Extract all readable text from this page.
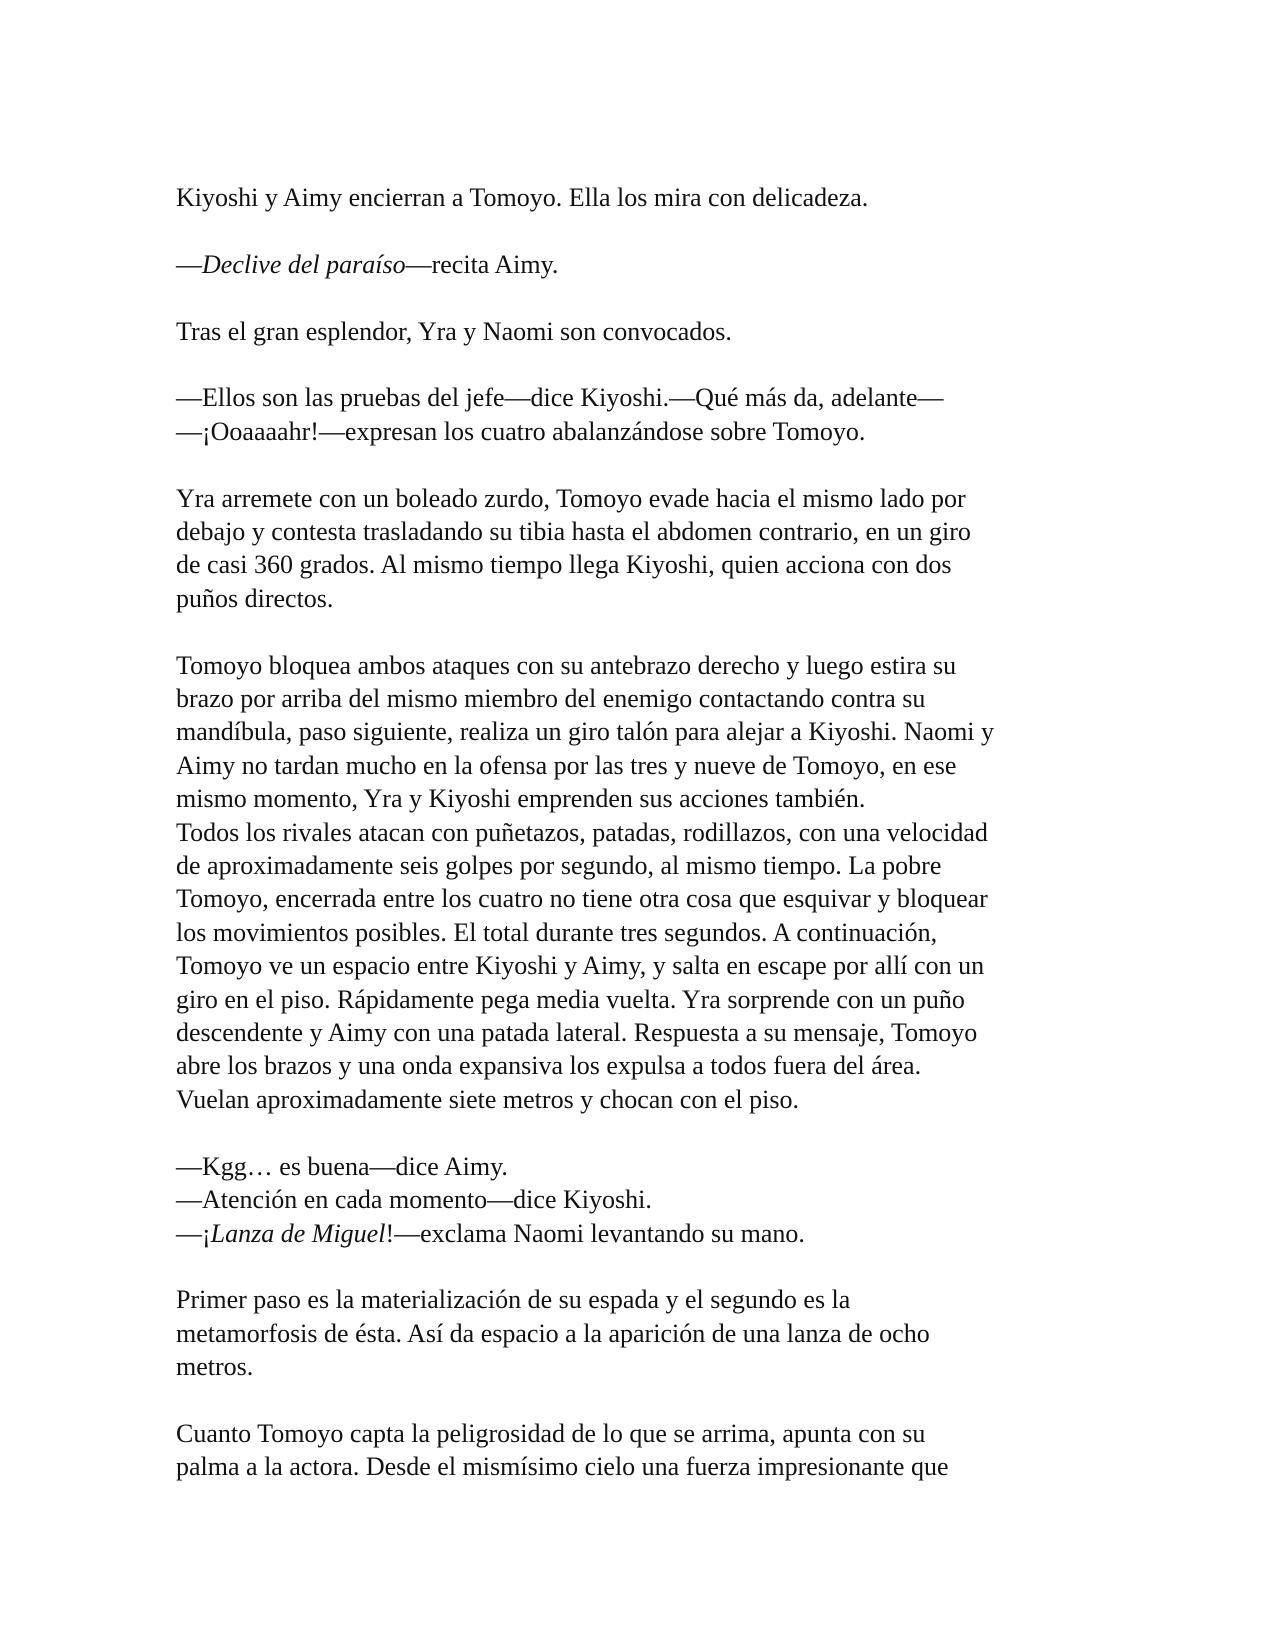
Kiyoshi y Aimy encierran a Tomoyo. Ella los mira con delicadeza.

—Declive del paraíso—recita Aimy.

Tras el gran esplendor, Yra y Naomi son convocados.

—Ellos son las pruebas del jefe—dice Kiyoshi.—Qué más da, adelante—
—¡Ooaaaahr!—expresan los cuatro abalanzándose sobre Tomoyo.

Yra arremete con un boleado zurdo, Tomoyo evade hacia el mismo lado por
debajo y contesta trasladando su tibia hasta el abdomen contrario, en un giro
de casi 360 grados. Al mismo tiempo llega Kiyoshi, quien acciona con dos
puños directos.

Tomoyo bloquea ambos ataques con su antebrazo derecho y luego estira su
brazo por arriba del mismo miembro del enemigo contactando contra su
mandíbula, paso siguiente, realiza un giro talón para alejar a Kiyoshi. Naomi y
Aimy no tardan mucho en la ofensa por las tres y nueve de Tomoyo, en ese
mismo momento, Yra y Kiyoshi emprenden sus acciones también.
Todos los rivales atacan con puñetazos, patadas, rodillazos, con una velocidad
de aproximadamente seis golpes por segundo, al mismo tiempo. La pobre
Tomoyo, encerrada entre los cuatro no tiene otra cosa que esquivar y bloquear
los movimientos posibles. El total durante tres segundos. A continuación,
Tomoyo ve un espacio entre Kiyoshi y Aimy, y salta en escape por allí con un
giro en el piso. Rápidamente pega media vuelta. Yra sorprende con un puño
descendente y Aimy con una patada lateral. Respuesta a su mensaje, Tomoyo
abre los brazos y una onda expansiva los expulsa a todos fuera del área.
Vuelan aproximadamente siete metros y chocan con el piso.

—Kgg… es buena—dice Aimy.
—Atención en cada momento—dice Kiyoshi.
—¡Lanza de Miguel!—exclama Naomi levantando su mano.

Primer paso es la materialización de su espada y el segundo es la
metamorfosis de ésta. Así da espacio a la aparición de una lanza de ocho
metros.

Cuanto Tomoyo capta la peligrosidad de lo que se arrima, apunta con su
palma a la actora. Desde el mismísimo cielo una fuerza impresionante que
